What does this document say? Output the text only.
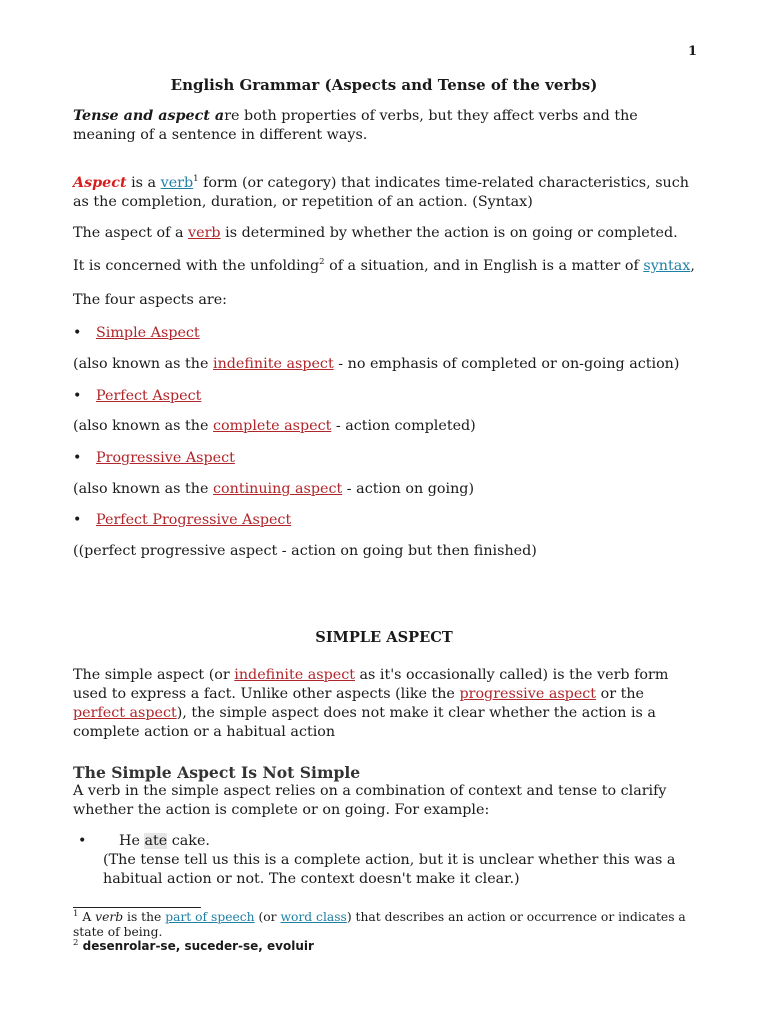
1
English Grammar (Aspects and Tense of the verbs)

Tense and aspect are both properties of verbs, but they affect verbs and the meaning of a sentence in different ways.

Aspect is a verb$^1$ form (or category) that indicates time-related characteristics, such as the completion, duration, or repetition of an action. (Syntax)

The aspect of a verb is determined by whether the action is on going or completed.

It is concerned with the unfolding$^2$ of a situation, and in English is a matter of syntax,

The four aspects are:

• Simple Aspect

(also known as the indefinite aspect - no emphasis of completed or on-going action)

• Perfect Aspect

(also known as the complete aspect - action completed)

• Progressive Aspect

(also known as the continuing aspect - action on going)

• Perfect Progressive Aspect

((perfect progressive aspect - action on going but then finished)

SIMPLE ASPECT

The simple aspect (or indefinite aspect as it's occasionally called) is the verb form used to express a fact. Unlike other aspects (like the progressive aspect or the perfect aspect), the simple aspect does not make it clear whether the action is a complete action or a habitual action

The Simple Aspect Is Not Simple

A verb in the simple aspect relies on a combination of context and tense to clarify whether the action is complete or on going. For example:

• He ate cake.
(The tense tell us this is a complete action, but it is unclear whether this was a habitual action or not. The context doesn't make it clear.)

$^1$ A verb is the part of speech (or word class) that describes an action or occurrence or indicates a state of being.

$^2$ desenrolar-se, suceder-se, evoluir
